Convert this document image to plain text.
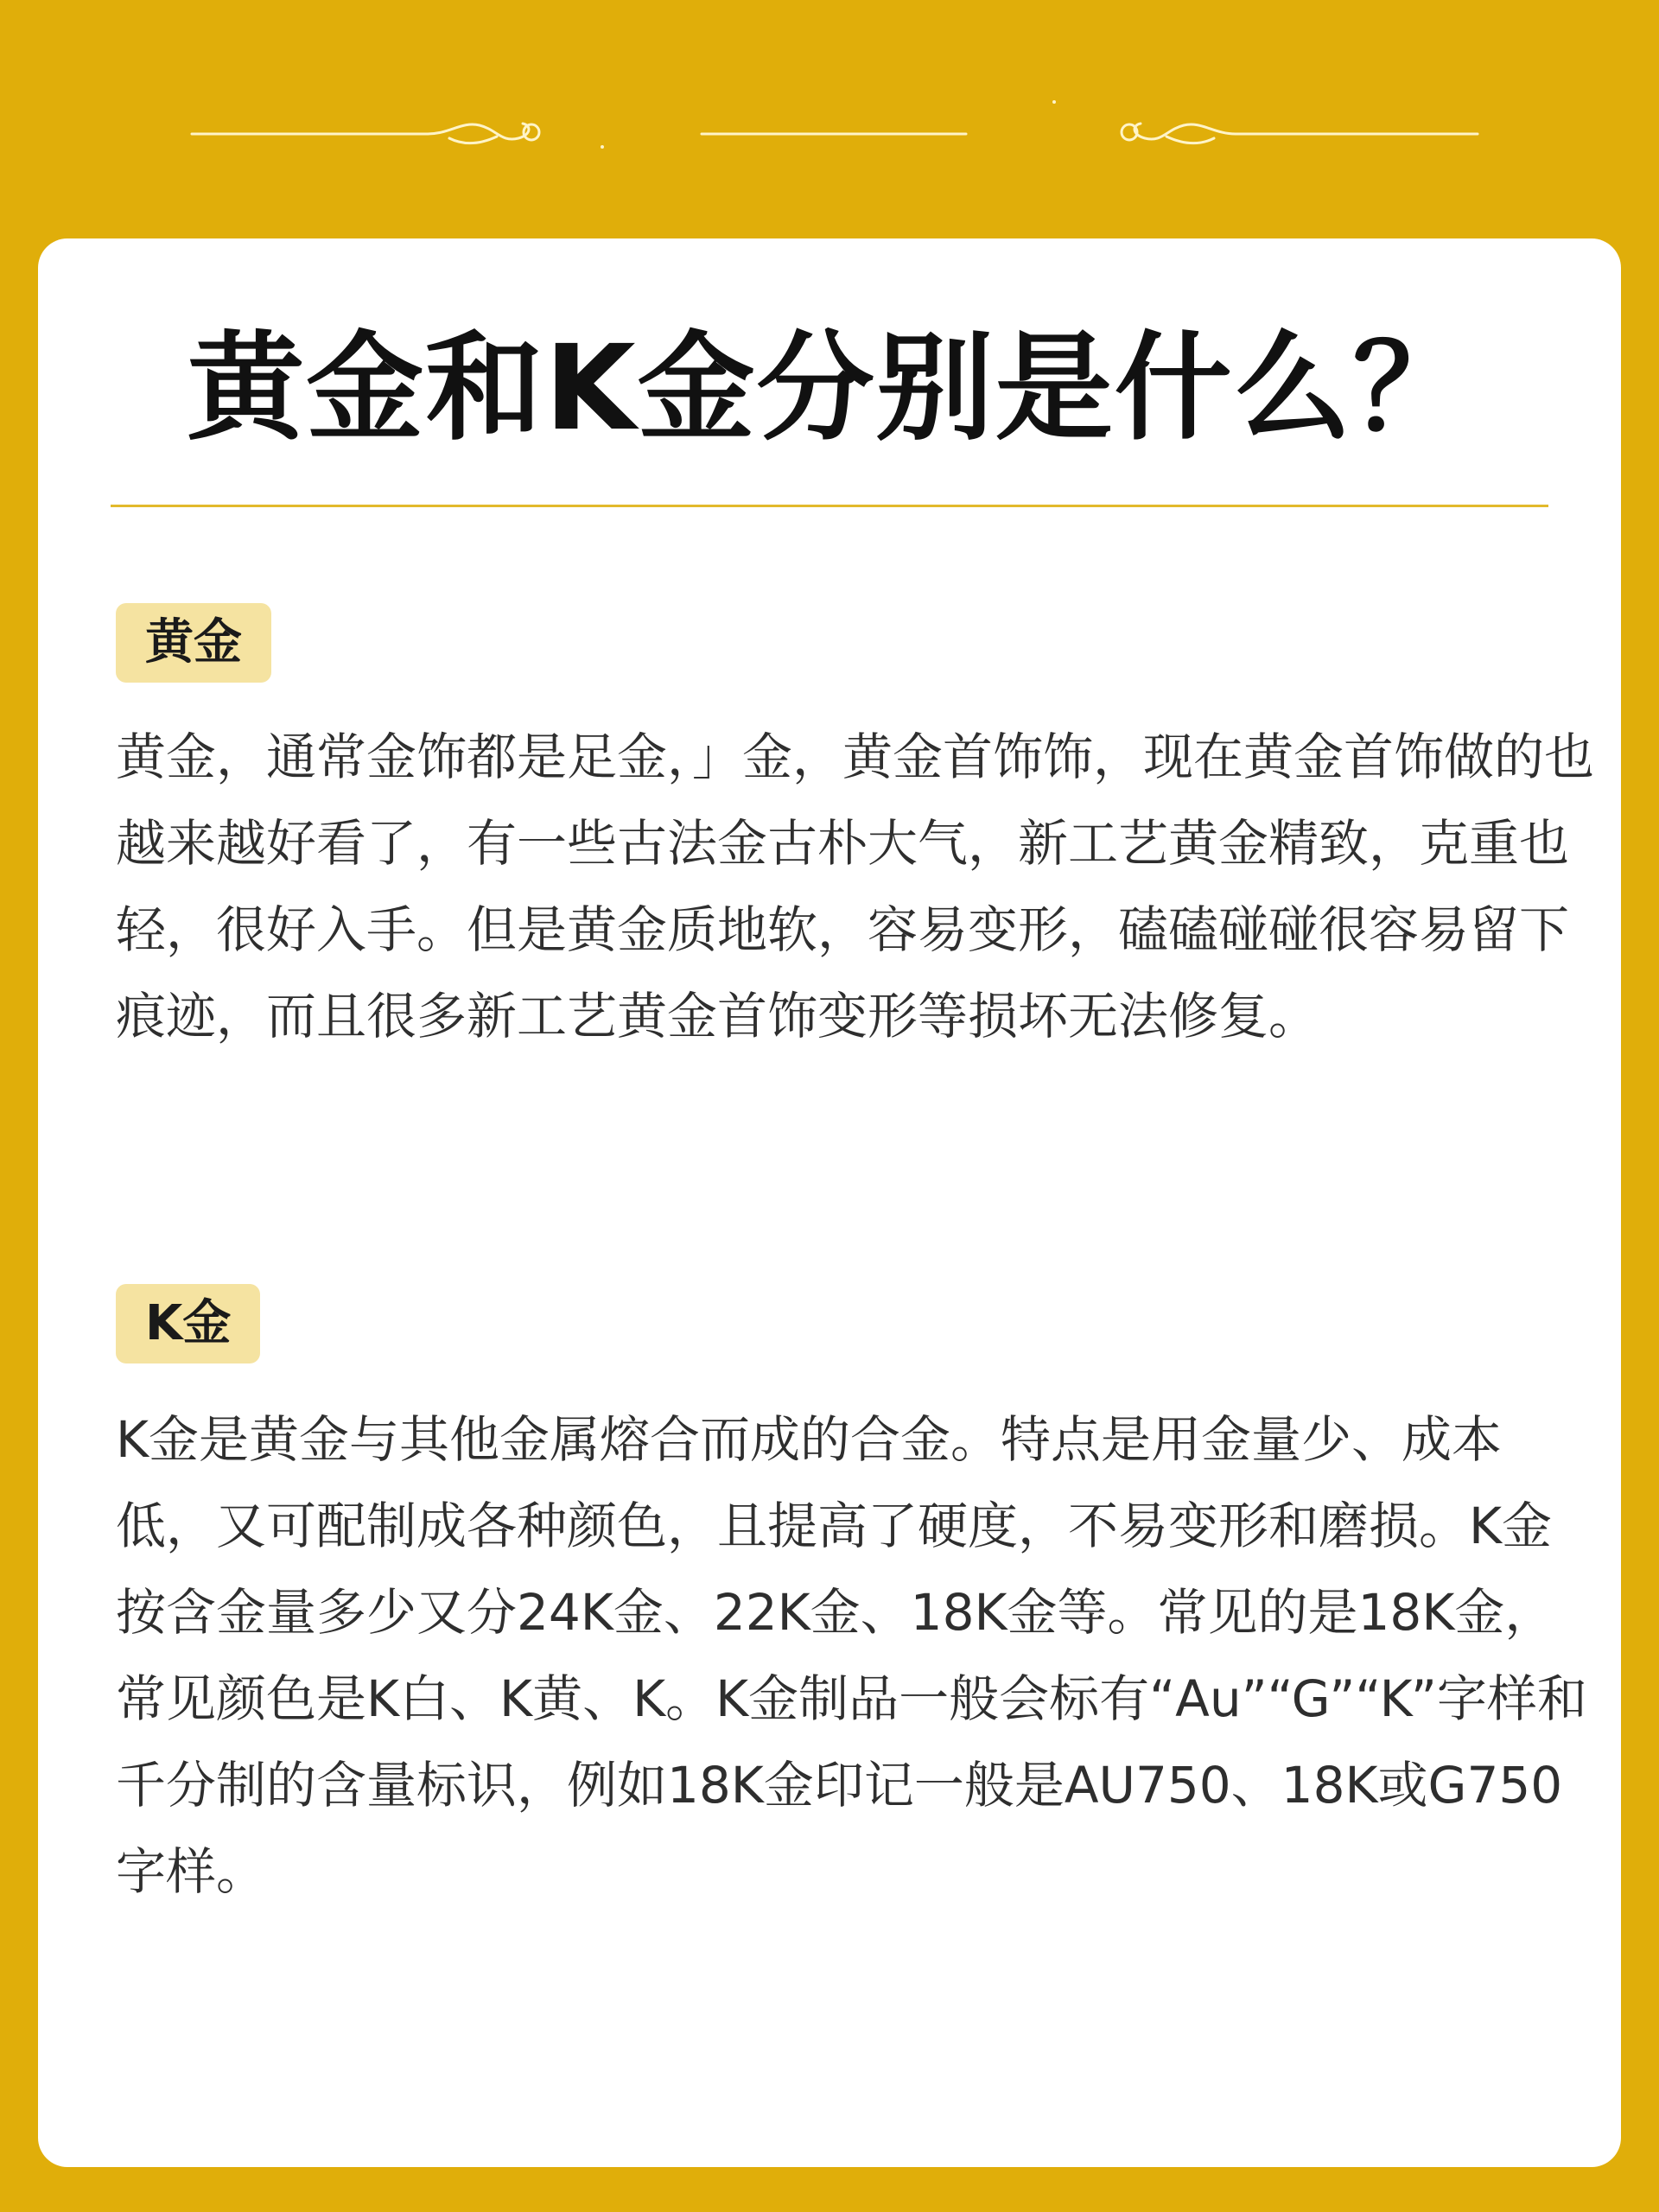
黄金和K金分别是什么？
黄金

黄金，通常金饰都是足金，」金，黄金首饰饰，现在黄金首饰做的也越来越好看了，有一些古法金古朴大气，新工艺黄金精致，克重也轻，很好入手。但是黄金质地软，容易变形，磕磕碰碰很容易留下痕迹，而且很多新工艺黄金首饰变形等损坏无法修复。

K金

K金是黄金与其他金属熔合而成的合金。特点是用金量少、成本低，又可配制成各种颜色，且提高了硬度，不易变形和磨损。K金按含金量多少又分24K金、22K金、18K金等。常见的是18K金，常见颜色是K白、K黄、K。K金制品一般会标有“Au”“G”“K”字样和千分制的含量标识，例如18K金印记一般是AU750、18K或G750字样。
